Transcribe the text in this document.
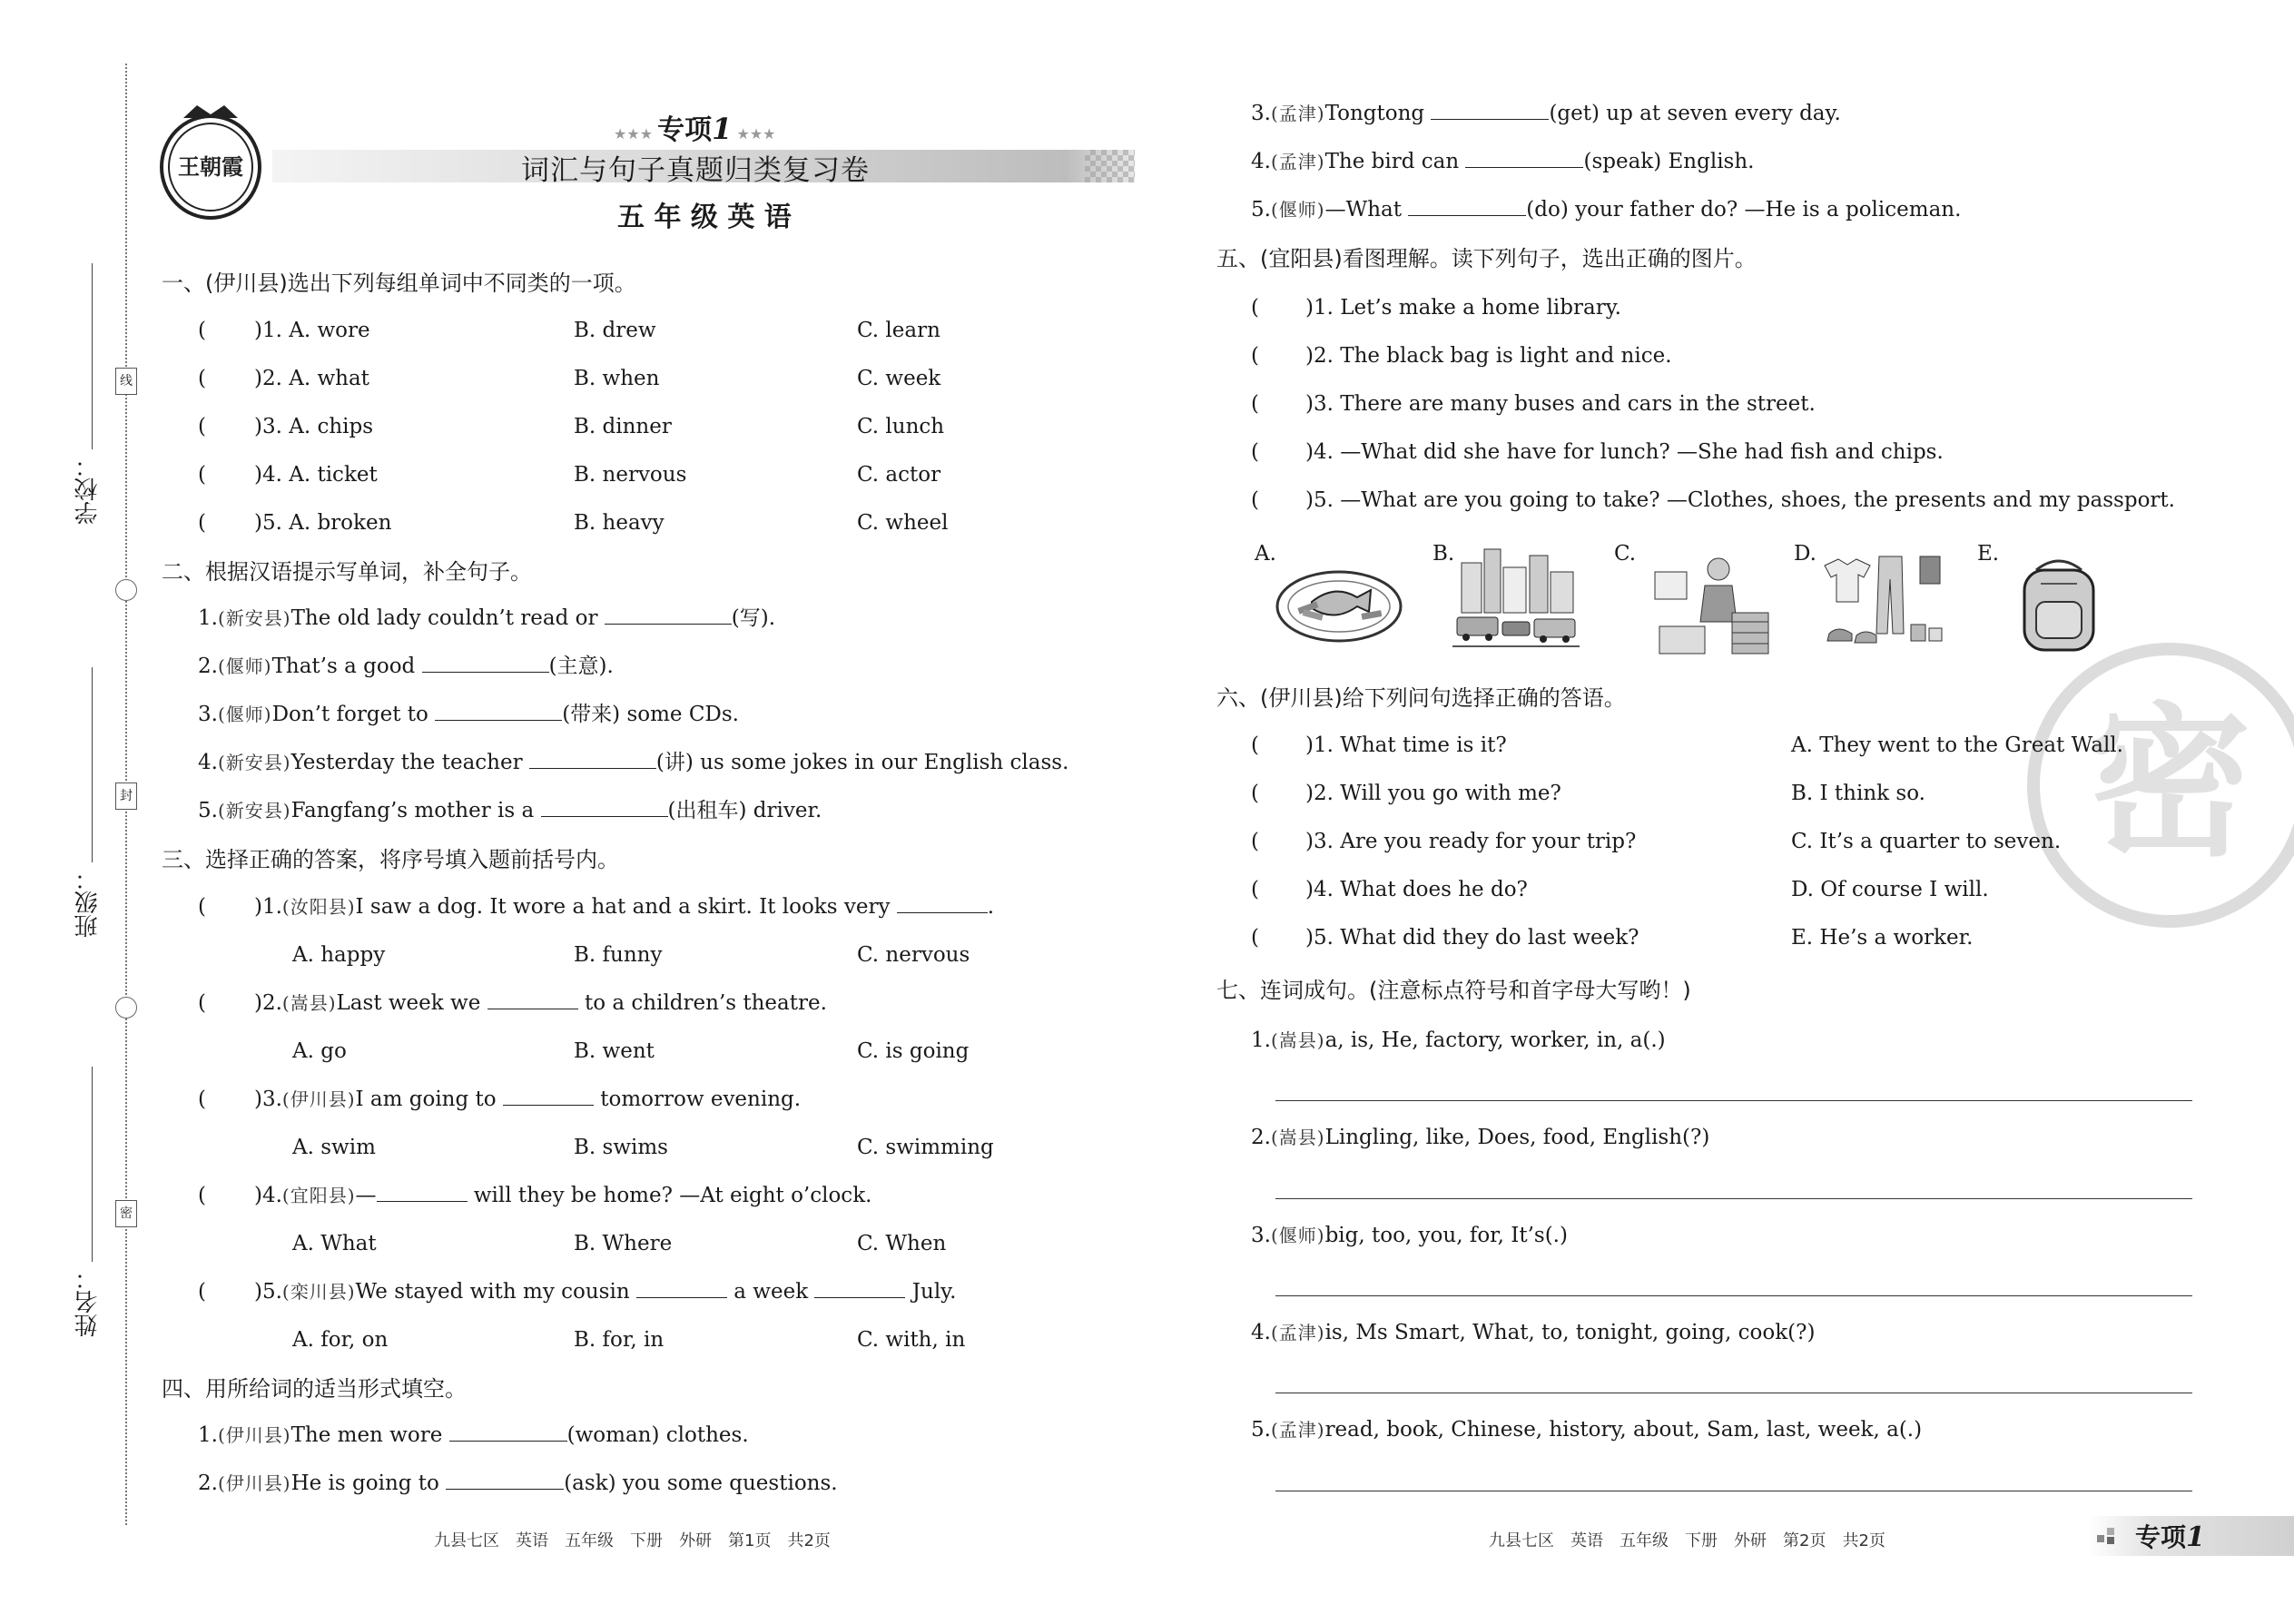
学校：
班级：
姓名：
线
封
密
王朝霞
★★★ 专项1 ★★★
词汇与句子真题归类复习卷
五 年 级 英 语
一、(伊川县)选出下列每组单词中不同类的一项。
( )1. A. wore	B. drew	C. learn
( )2. A. what	B. when	C. week
( )3. A. chips	B. dinner	C. lunch
( )4. A. ticket	B. nervous	C. actor
( )5. A. broken	B. heavy	C. wheel
二、根据汉语提示写单词，补全句子。
1.(新安县)The old lady couldn’t read or	(写).
2.(偃师)That’s a good	(主意).
3.(偃师)Don’t forget to	(带来) some CDs.
4.(新安县)Yesterday the teacher	(讲) us some jokes in our English class.
5.(新安县)Fangfang’s mother is a	(出租车) driver.
三、选择正确的答案，将序号填入题前括号内。
( )1.(汝阳县)I saw a dog. It wore a hat and a skirt. It looks very	.
A. happy	B. funny	C. nervous
( )2.(嵩县)Last week we	to a children’s theatre.
A. go	B. went	C. is going
( )3.(伊川县)I am going to	tomorrow evening.
A. swim	B. swims	C. swimming
( )4.(宜阳县)—	will they be home? —At eight o’clock.
A. What	B. Where	C. When
( )5.(栾川县)We stayed with my cousin	a week	July.
A. for, on	B. for, in	C. with, in
四、用所给词的适当形式填空。
1.(伊川县)The men wore	(woman) clothes.
2.(伊川县)He is going to	(ask) you some questions.
九县七区　英语　五年级　下册　外研　第1页　共2页
3.(孟津)Tongtong	(get) up at seven every day.
4.(孟津)The bird can	(speak) English.
5.(偃师)—What	(do) your father do? —He is a policeman.
五、(宜阳县)看图理解。读下列句子，选出正确的图片。
( )1. Let’s make a home library.
( )2. The black bag is light and nice.
( )3. There are many buses and cars in the street.
( )4. —What did she have for lunch? —She had fish and chips.
( )5. —What are you going to take? —Clothes, shoes, the presents and my passport.
A.	B.	C.	D.	E.
密
六、(伊川县)给下列问句选择正确的答语。
( )1. What time is it?	A. They went to the Great Wall.
( )2. Will you go with me?	B. I think so.
( )3. Are you ready for your trip?	C. It’s a quarter to seven.
( )4. What does he do?	D. Of course I will.
( )5. What did they do last week?	E. He’s a worker.
七、连词成句。(注意标点符号和首字母大写哟！)
1.(嵩县)a, is, He, factory, worker, in, a(.)
2.(嵩县)Lingling, like, Does, food, English(?)
3.(偃师)big, too, you, for, It’s(.)
4.(孟津)is, Ms Smart, What, to, tonight, going, cook(?)
5.(孟津)read, book, Chinese, history, about, Sam, last, week, a(.)
九县七区　英语　五年级　下册　外研　第2页　共2页	专项1
